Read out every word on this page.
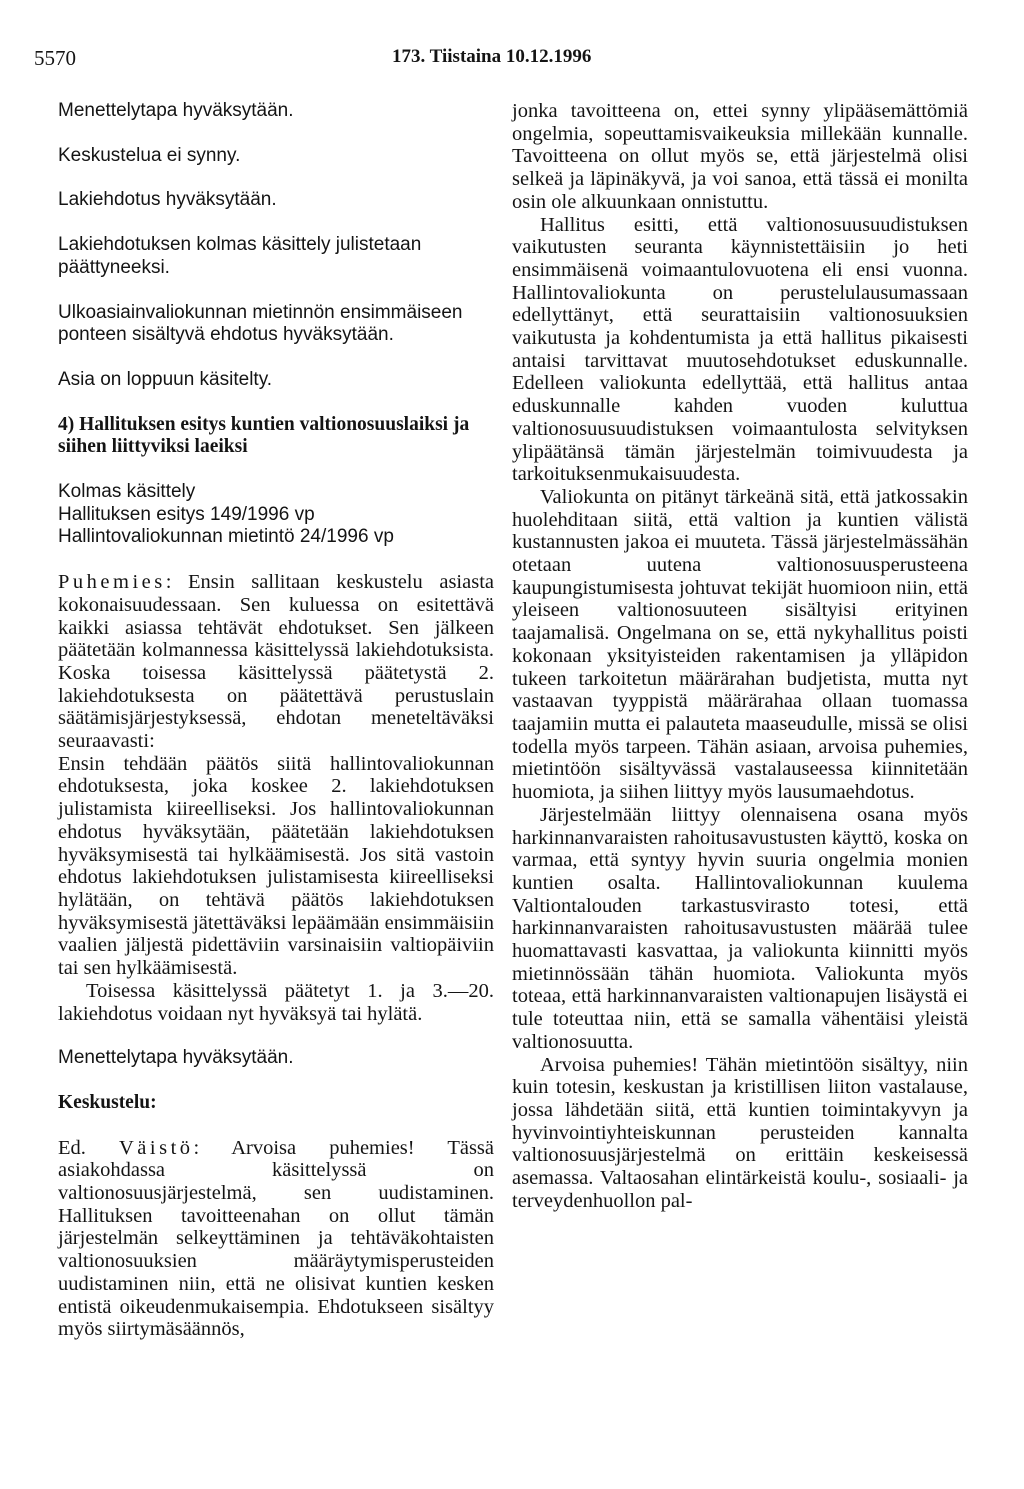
5570	173. Tiistaina 10.12.1996

Menettelytapa hyväksytään.

Keskustelua ei synny.

Lakiehdotus hyväksytään.

Lakiehdotuksen kolmas käsittely julistetaan päättyneeksi.

Ulkoasiainvaliokunnan mietinnön ensimmäiseen ponteen sisältyvä ehdotus hyväksytään.

Asia on loppuun käsitelty.

4) Hallituksen esitys kuntien valtionosuuslaiksi ja siihen liittyviksi laeiksi

Kolmas käsittely

Hallituksen esitys 149/1996 vp

Hallintovaliokunnan mietintö 24/1996 vp

Puhemies: Ensin sallitaan keskustelu asiasta kokonaisuudessaan. Sen kuluessa on esitettävä kaikki asiassa tehtävät ehdotukset. Sen jälkeen päätetään kolmannessa käsittelyssä lakiehdotuksista. Koska toisessa käsittelyssä päätetystä 2. lakiehdotuksesta on päätettävä perustuslain säätämisjärjestyksessä, ehdotan meneteltäväksi seuraavasti:

Ensin tehdään päätös siitä hallintovaliokunnan ehdotuksesta, joka koskee 2. lakiehdotuksen julistamista kiireelliseksi. Jos hallintovaliokunnan ehdotus hyväksytään, päätetään lakiehdotuksen hyväksymisestä tai hylkäämisestä. Jos sitä vastoin ehdotus lakiehdotuksen julistamisesta kiireelliseksi hylätään, on tehtävä päätös lakiehdotuksen hyväksymisestä jätettäväksi lepäämään ensimmäisiin vaalien jäljestä pidettäviin varsinaisiin valtiopäiviin tai sen hylkäämisestä.

Toisessa käsittelyssä päätetyt 1. ja 3.—20. lakiehdotus voidaan nyt hyväksyä tai hylätä.

Menettelytapa hyväksytään.

Keskustelu:

Ed. Väistö: Arvoisa puhemies! Tässä asiakohdassa käsittelyssä on valtionosuusjärjestelmä, sen uudistaminen. Hallituksen tavoitteenahan on ollut tämän järjestelmän selkeyttäminen ja tehtäväkohtaisten valtionosuuksien määräytymisperusteiden uudistaminen niin, että ne olisivat kuntien kesken entistä oikeudenmukaisempia. Ehdotukseen sisältyy myös siirtymäsäännös,

jonka tavoitteena on, ettei synny ylipääsemättömiä ongelmia, sopeuttamisvaikeuksia millekään kunnalle. Tavoitteena on ollut myös se, että järjestelmä olisi selkeä ja läpinäkyvä, ja voi sanoa, että tässä ei monilta osin ole alkuunkaan onnistuttu.

Hallitus esitti, että valtionosuusuudistuksen vaikutusten seuranta käynnistettäisiin jo heti ensimmäisenä voimaantulovuotena eli ensi vuonna. Hallintovaliokunta on perustelulausumassaan edellyttänyt, että seurattaisiin valtionosuuksien vaikutusta ja kohdentumista ja että hallitus pikaisesti antaisi tarvittavat muutosehdotukset eduskunnalle. Edelleen valiokunta edellyttää, että hallitus antaa eduskunnalle kahden vuoden kuluttua valtionosuusuudistuksen voimaantulosta selvityksen ylipäätänsä tämän järjestelmän toimivuudesta ja tarkoituksenmukaisuudesta.

Valiokunta on pitänyt tärkeänä sitä, että jatkossakin huolehditaan siitä, että valtion ja kuntien välistä kustannusten jakoa ei muuteta. Tässä järjestelmässähän otetaan uutena valtionosuusperusteena kaupungistumisesta johtuvat tekijät huomioon niin, että yleiseen valtionosuuteen sisältyisi erityinen taajamalisä. Ongelmana on se, että nykyhallitus poisti kokonaan yksityisteiden rakentamisen ja ylläpidon tukeen tarkoitetun määrärahan budjetista, mutta nyt vastaavan tyyppistä määrärahaa ollaan tuomassa taajamiin mutta ei palauteta maaseudulle, missä se olisi todella myös tarpeen. Tähän asiaan, arvoisa puhemies, mietintöön sisältyvässä vastalauseessa kiinnitetään huomiota, ja siihen liittyy myös lausumaehdotus.

Järjestelmään liittyy olennaisena osana myös harkinnanvaraisten rahoitusavustusten käyttö, koska on varmaa, että syntyy hyvin suuria ongelmia monien kuntien osalta. Hallintovaliokunnan kuulema Valtiontalouden tarkastusvirasto totesi, että harkinnanvaraisten rahoitusavustusten määrää tulee huomattavasti kasvattaa, ja valiokunta kiinnitti myös mietinnössään tähän huomiota. Valiokunta myös toteaa, että harkinnanvaraisten valtionapujen lisäystä ei tule toteuttaa niin, että se samalla vähentäisi yleistä valtionosuutta.

Arvoisa puhemies! Tähän mietintöön sisältyy, niin kuin totesin, keskustan ja kristillisen liiton vastalause, jossa lähdetään siitä, että kuntien toimintakyvyn ja hyvinvointiyhteiskunnan perusteiden kannalta valtionosuusjärjestelmä on erittäin keskeisessä asemassa. Valtaosahan elintärkeistä koulu-, sosiaali- ja terveydenhuollon pal-
